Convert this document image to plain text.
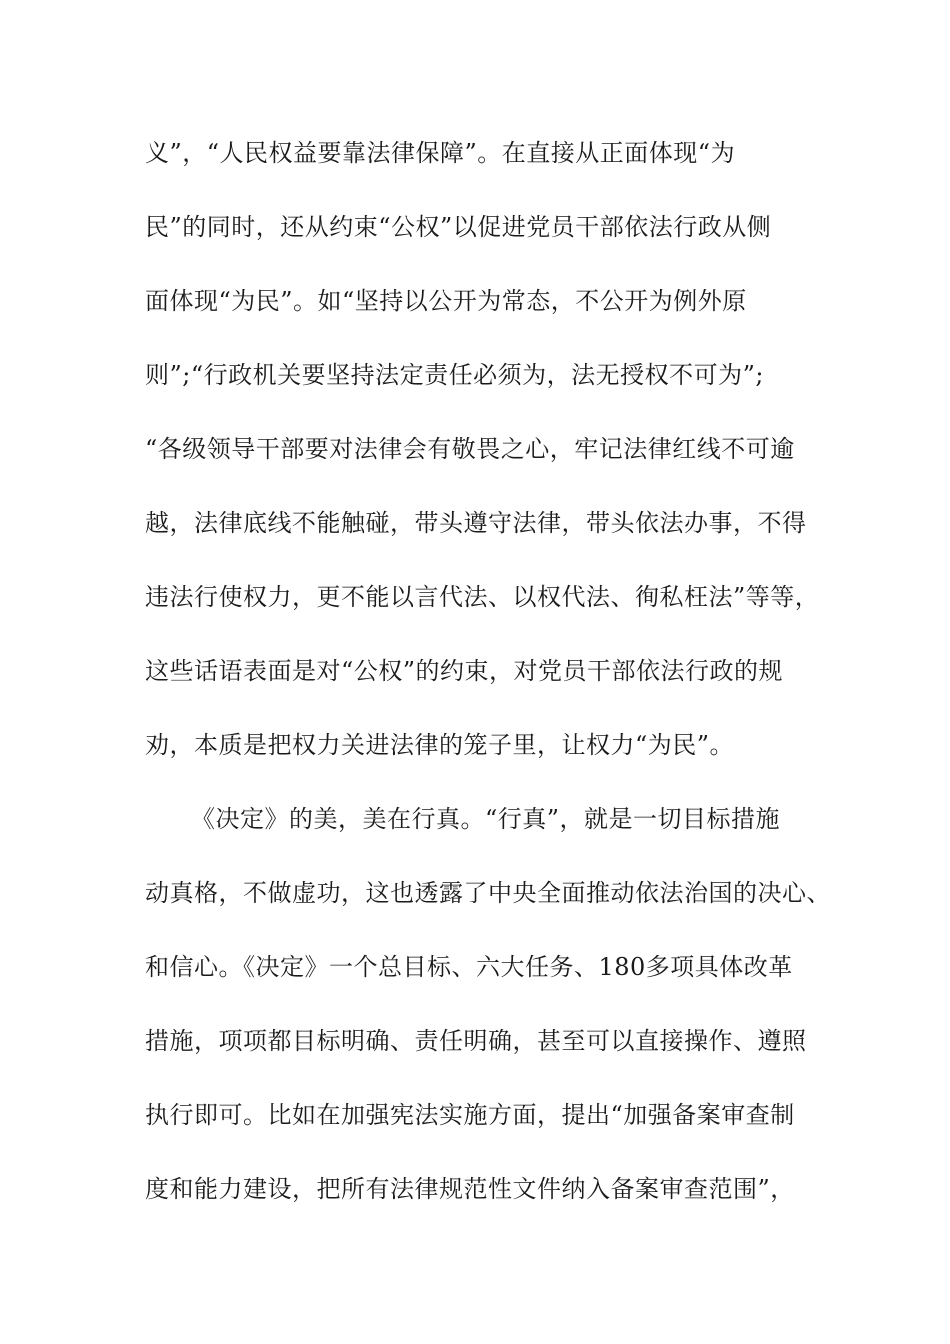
义”，“人民权益要靠法律保障”。在直接从正面体现“为
民”的同时，还从约束“公权”以促进党员干部依法行政从侧
面体现“为民”。如“坚持以公开为常态，不公开为例外原
则”;“行政机关要坚持法定责任必须为，法无授权不可为”;
“各级领导干部要对法律会有敬畏之心，牢记法律红线不可逾
越，法律底线不能触碰，带头遵守法律，带头依法办事，不得
违法行使权力，更不能以言代法、以权代法、徇私枉法”等等，
这些话语表面是对“公权”的约束，对党员干部依法行政的规
劝，本质是把权力关进法律的笼子里，让权力“为民”。
《决定》的美，美在行真。“行真”，就是一切目标措施
动真格，不做虚功，这也透露了中央全面推动依法治国的决心、
和信心。《决定》一个总目标、六大任务、180多项具体改革
措施，项项都目标明确、责任明确，甚至可以直接操作、遵照
执行即可。比如在加强宪法实施方面，提出“加强备案审查制
度和能力建设，把所有法律规范性文件纳入备案审查范围”，
